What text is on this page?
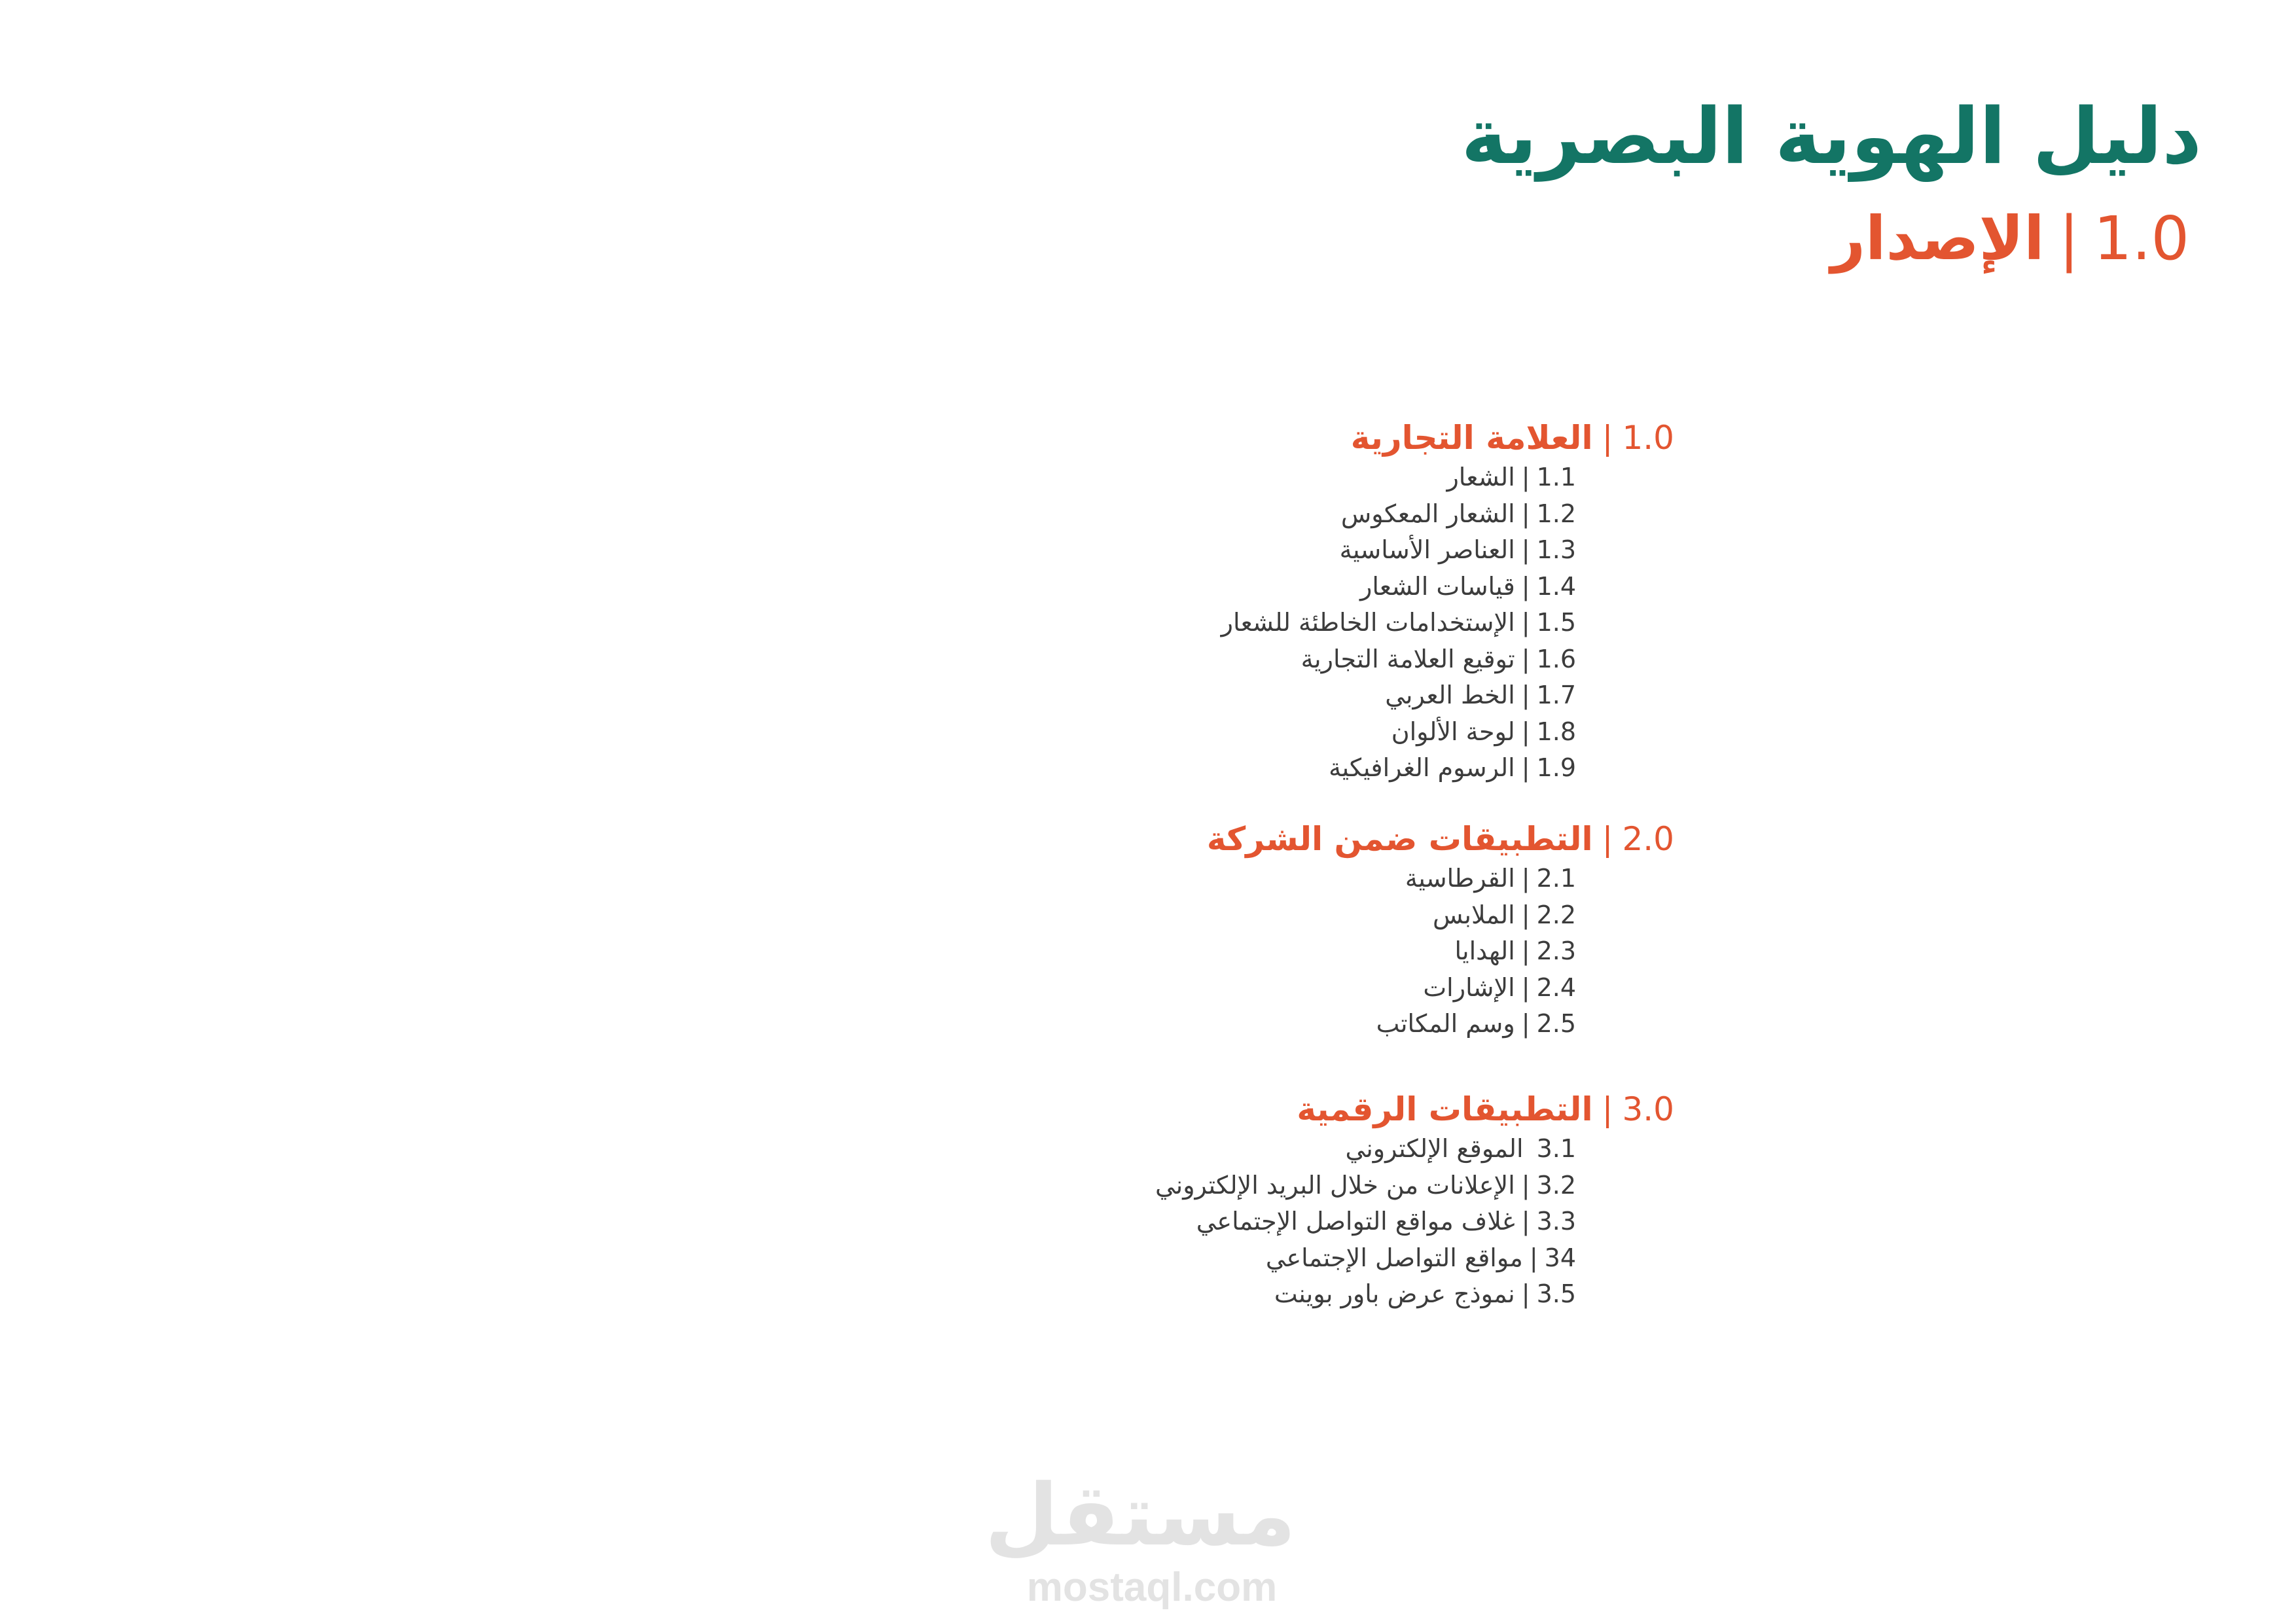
دليل الهوية البصرية
1.0|الإصدار
1.0|العلامة التجارية
1.1|الشعار
1.2|الشعار المعكوس
1.3|العناصر الأساسية
1.4|قياسات الشعار
1.5|الإستخدامات الخاطئة للشعار
1.6|توقيع العلامة التجارية
1.7|الخط العربي
1.8|لوحة الألوان
1.9|الرسوم الغرافيكية
2.0|التطبيقات ضمن الشركة
2.1|القرطاسية
2.2|الملابس
2.3|الهدايا
2.4|الإشارات
2.5|وسم المكاتب
3.0|التطبيقات الرقمية
3.1الموقع الإلكتروني
3.2|الإعلانات من خلال البريد الإلكتروني
3.3|غلاف مواقع التواصل الإجتماعي
34|مواقع التواصل الإجتماعي
3.5|نموذج عرض باور بوينت
مستقل
mostaql.com
